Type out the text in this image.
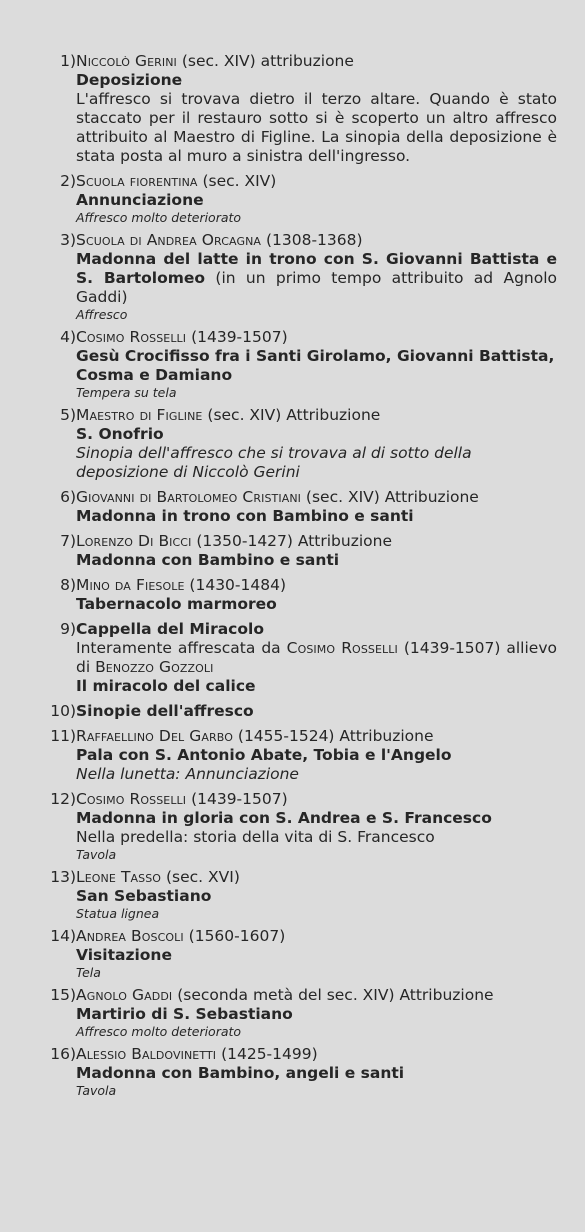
1) Niccolò Gerini (sec. XIV) attribuzione
Deposizione
L'affresco si trovava dietro il terzo altare. Quando è stato staccato per il restauro sotto si è scoperto un altro affresco attribuito al Maestro di Figline. La sinopia della deposizione è stata posta al muro a sinistra dell'ingresso.
2) Scuola fiorentina (sec. XIV)
Annunciazione
Affresco molto deteriorato
3) Scuola di Andrea Orcagna (1308-1368)
Madonna del latte in trono con S. Giovanni Battista e S. Bartolomeo (in un primo tempo attribuito ad Agnolo Gaddi)
Affresco
4) Cosimo Rosselli (1439-1507)
Gesù Crocifisso fra i Santi Girolamo, Giovanni Battista, Cosma e Damiano
Tempera su tela
5) Maestro di Figline (sec. XIV) Attribuzione
S. Onofrio
Sinopia dell'affresco che si trovava al di sotto della deposizione di Niccolò Gerini
6) Giovanni di Bartolomeo Cristiani (sec. XIV) Attribuzione
Madonna in trono con Bambino e santi
7) Lorenzo Di Bicci (1350-1427) Attribuzione
Madonna con Bambino e santi
8) Mino da Fiesole (1430-1484)
Tabernacolo marmoreo
9) Cappella del Miracolo
Interamente affrescata da Cosimo Rosselli (1439-1507) allievo di Benozzo Gozzoli
Il miracolo del calice
10) Sinopie dell'affresco
11) Raffaellino Del Garbo (1455-1524) Attribuzione
Pala con S. Antonio Abate, Tobia e l'Angelo
Nella lunetta: Annunciazione
12) Cosimo Rosselli (1439-1507)
Madonna in gloria con S. Andrea e S. Francesco
Nella predella: storia della vita di S. Francesco
Tavola
13) Leone Tasso (sec. XVI)
San Sebastiano
Statua lignea
14) Andrea Boscoli (1560-1607)
Visitazione
Tela
15) Agnolo Gaddi (seconda metà del sec. XIV) Attribuzione
Martirio di S. Sebastiano
Affresco molto deteriorato
16) Alessio Baldovinetti (1425-1499)
Madonna con Bambino, angeli e santi
Tavola
